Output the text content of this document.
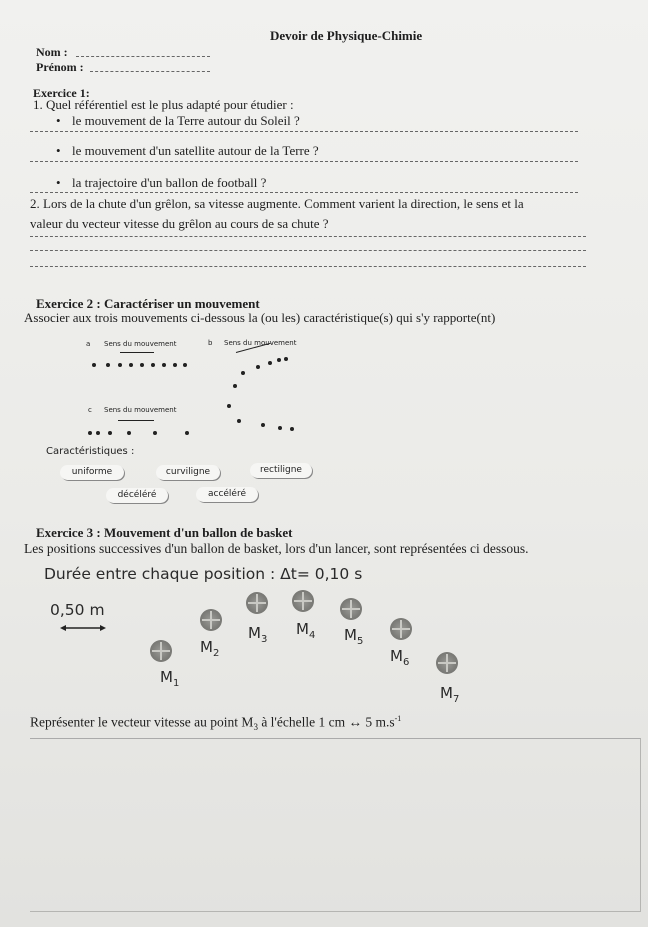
Devoir de Physique-Chimie
Nom :
Prénom :
Exercice 1:
1. Quel référentiel est le plus adapté pour étudier :
• le mouvement de la Terre autour du Soleil ?
• le mouvement d'un satellite autour de la Terre ?
• la trajectoire d'un ballon de football ?
2. Lors de la chute d'un grêlon, sa vitesse augmente. Comment varient la direction, le sens et la
valeur du vecteur vitesse du grêlon au cours de sa chute ?
Exercice 2 : Caractériser un mouvement
Associer aux trois mouvements ci-dessous la (ou les) caractéristique(s) qui s'y rapporte(nt)
a Sens du mouvement	b Sens du mouvement
c Sens du mouvement
Caractéristiques :
uniforme	curviligne	rectiligne
décéléré	accéléré
Exercice 3 : Mouvement d'un ballon de basket
Les positions successives d'un ballon de basket, lors d'un lancer, sont représentées ci dessous.
Durée entre chaque position : Δt= 0,10 s
0,50 m
$M_1$
$M_2$
$M_3$
$M_4$ $M_5$
$M_6$
$M_7$
Représenter le vecteur vitesse au point $M_3$ à l'échelle 1 cm ↔ 5 $m.s^{-1}$
